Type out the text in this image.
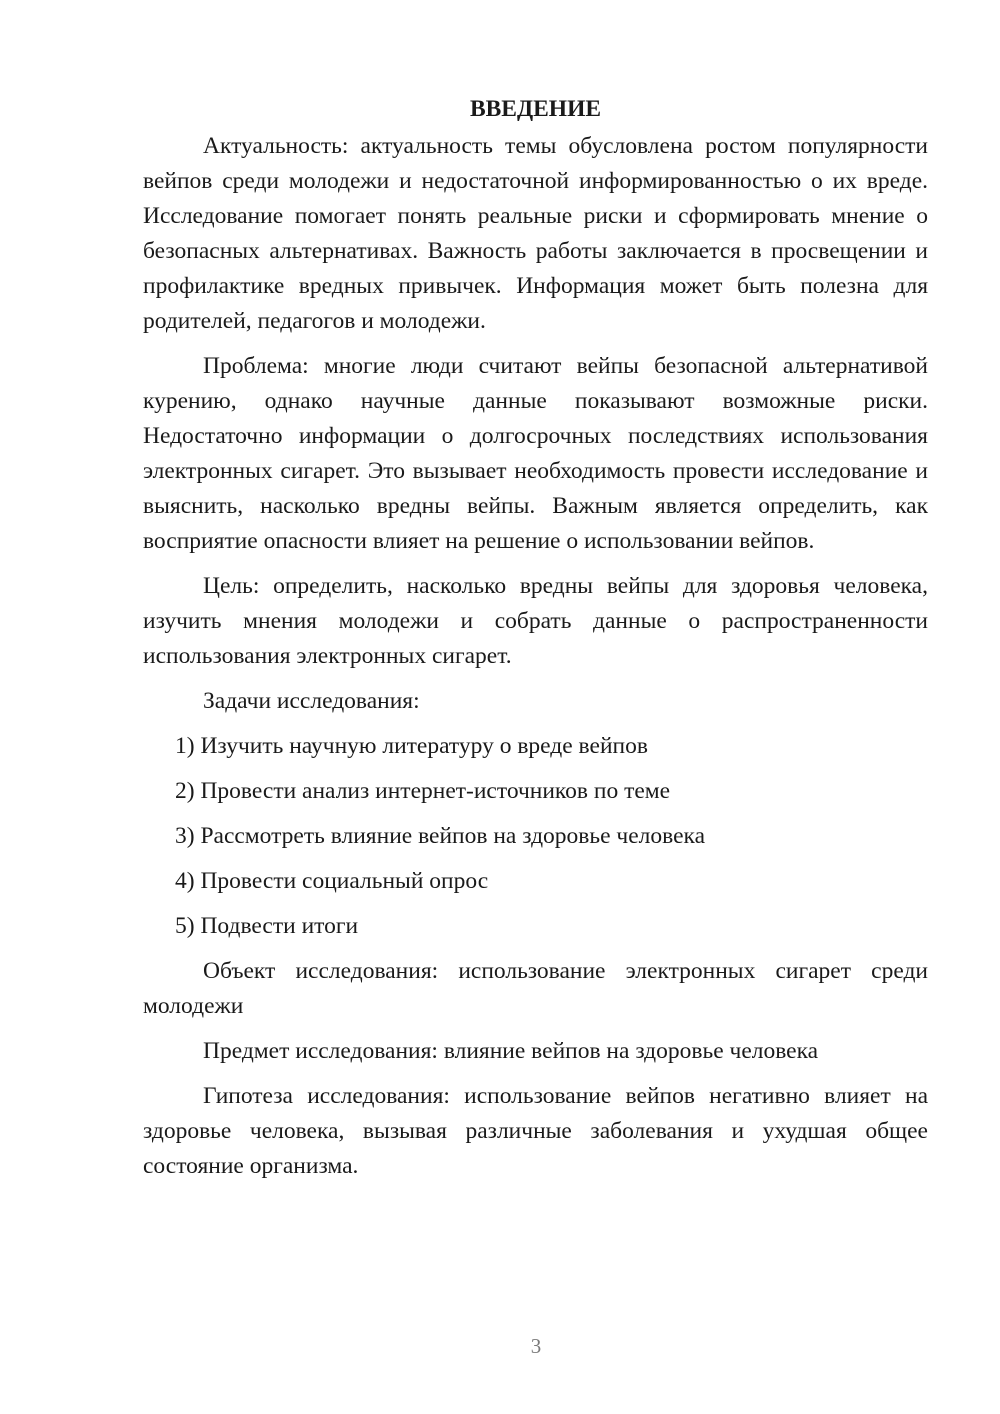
ВВЕДЕНИЕ

Актуальность: актуальность темы обусловлена ростом популярности вейпов среди молодежи и недостаточной информированностью о их вреде. Исследование помогает понять реальные риски и сформировать мнение о безопасных альтернативах. Важность работы заключается в просвещении и профилактике вредных привычек. Информация может быть полезна для родителей, педагогов и молодежи.

Проблема: многие люди считают вейпы безопасной альтернативой курению, однако научные данные показывают возможные риски. Недостаточно информации о долгосрочных последствиях использования электронных сигарет. Это вызывает необходимость провести исследование и выяснить, насколько вредны вейпы. Важным является определить, как восприятие опасности влияет на решение о использовании вейпов.

Цель: определить, насколько вредны вейпы для здоровья человека, изучить мнения молодежи и собрать данные о распространенности использования электронных сигарет.

Задачи исследования:

1) Изучить научную литературу о вреде вейпов
2) Провести анализ интернет-источников по теме
3) Рассмотреть влияние вейпов на здоровье человека
4) Провести социальный опрос
5) Подвести итоги

Объект исследования: использование электронных сигарет среди молодежи

Предмет исследования: влияние вейпов на здоровье человека

Гипотеза исследования: использование вейпов негативно влияет на здоровье человека, вызывая различные заболевания и ухудшая общее состояние организма.

3
